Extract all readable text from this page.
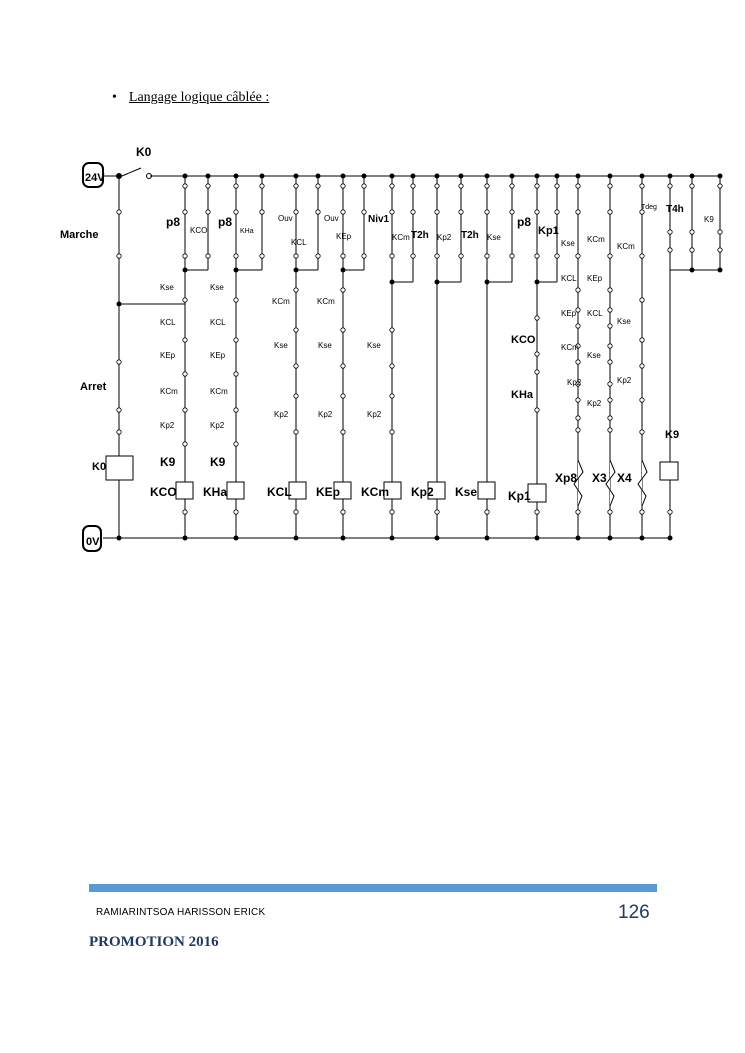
• Langage logique câblée :
24V
0V
K0
Marche
Arret
K0
p8
Kse
KCL
KEp
KCm
Kp2
K9
KCO
KCO
p8
KHa
Kse
KCL
KEp
KCm
Kp2
K9
KHa
Ouv
KCL
KCm
Kse
Kp2
KCL
Ouv
KEp
KCm
Kse
Kp2
KEp
Niv1
KCm
Kse
Kp2
KCm
T2h Kp2
Kp2
T2h Kse
Kse
p8
Kp1
KCO
KHa
Kp1
Kse
KCL
KEp
KCm
Kp2
Xp8
KCm
KEp
KCL
Kse
Kp2
X3
KCm
Kse
Kp2
X4
Tdeg T4h
K9
K9
RAMIARINTSOA HARISSON ERICK	126
PROMOTION 2016
